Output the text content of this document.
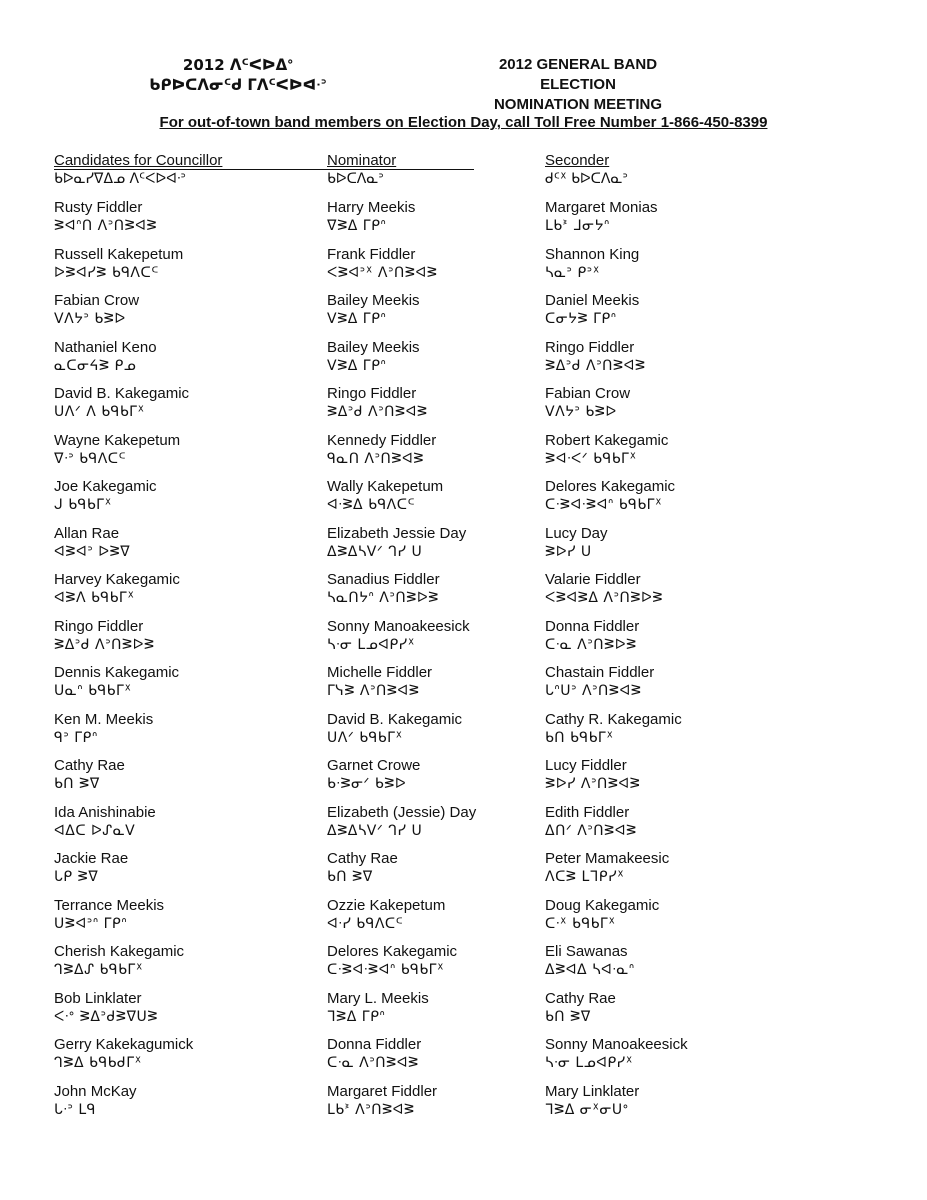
2012 ᐱᑦᐸᐅᐃᐤ
ᑲᑭᐅᑕᐱᓂᑦᑯ ᒥᐱᑦᐸᐅᐊᐧᐣ
2012 GENERAL BAND ELECTION
NOMINATION MEETING
For out-of-town band members on Election Day, call Toll Free Number 1-866-450-8399
Candidates for Councillor
ᑲᐅᓇᓯᐁᐃᓄ ᐱᑦᐸᐅᐊᐧᐣ
Nominator
ᑲᐅᑕᐱᓇᐣ
Seconder
ᑯᑦᕽ ᑲᐅᑕᐱᓇᐣ
Rusty Fiddler
ᕒᐊᐢᑎ ᐱᐣᑎᕒᐊᕒ
Harry Meekis
ᐁᕒᐃ ᒥᑭᐢ
Margaret Monias
ᒪᑲᕑ ᒧᓂᔭᐢ
Russell Kakepetum
ᐅᕒᐊᓯᕒ ᑲᑫᐱᑕᒼ
Frank Fiddler
ᐸᕒᐊᐣᕽ ᐱᐣᑎᕒᐊᕒ
Shannon King
ᓴᓇᐣ ᑭᐣᕽ
Fabian Crow
ᐯᐱᔭᐣ ᑲᕒᐅ
Bailey Meekis
ᐯᕒᐃ ᒥᑭᐢ
Daniel Meekis
ᑕᓂᔭᕒ ᒥᑭᐢ
Nathaniel Keno
ᓇᑕᓂᔦᕒ ᑭᓄ
Bailey Meekis
ᐯᕒᐃ ᒥᑭᐢ
Ringo Fiddler
ᕒᐃᐣᑯ ᐱᐣᑎᕒᐊᕒ
David B. Kakegamic
ᑌᐱᐟ ᐱ ᑲᑫᑲᒥᕽ
Ringo Fiddler
ᕒᐃᐣᑯ ᐱᐣᑎᕒᐊᕒ
Fabian Crow
ᐯᐱᔭᐣ ᑲᕒᐅ
Wayne Kakepetum
ᐁᐧᐣ ᑲᑫᐱᑕᒼ
Kennedy Fiddler
ᑫᓇᑎ ᐱᐣᑎᕒᐊᕒ
Robert Kakegamic
ᕒᐊᐧᐸᐟ ᑲᑫᑲᒥᕽ
Joe Kakegamic
ᒍ ᑲᑫᑲᒥᕽ
Wally Kakepetum
ᐊᐧᕒᐃ ᑲᑫᐱᑕᒼ
Delores Kakegamic
ᑕᐧᕒᐊᐧᕒᐊᐢ ᑲᑫᑲᒥᕽ
Allan Rae
ᐊᕒᐊᐣ ᐅᕒᐁ
Elizabeth Jessie Day
ᐃᕒᐃᓴᐯᐟ ᒉᓯ ᑌ
Lucy Day
ᕒᐅᓯ ᑌ
Harvey Kakegamic
ᐊᕒᐱ ᑲᑫᑲᒥᕽ
Sanadius Fiddler
ᓴᓇᑎᔭᐢ ᐱᐣᑎᕒᐅᕒ
Valarie Fiddler
ᐸᕒᐊᕒᐃ ᐱᐣᑎᕒᐅᕒ
Ringo Fiddler
ᕒᐃᐣᑯ ᐱᐣᑎᕒᐅᕒ
Sonny Manoakeesick
ᓴᐧᓂ ᒪᓄᐊᑭᓯᕽ
Donna Fiddler
ᑕᐧᓇ ᐱᐣᑎᕒᐅᕒ
Dennis Kakegamic
ᑌᓇᐢ ᑲᑫᑲᒥᕽ
Michelle Fiddler
ᒥᓭᕒ ᐱᐣᑎᕒᐊᕒ
Chastain Fiddler
ᒐᐢᑌᐣ ᐱᐣᑎᕒᐊᕒ
Ken M. Meekis
ᑫᐣ ᒥᑭᐢ
David B. Kakegamic
ᑌᐱᐟ ᑲᑫᑲᒥᕽ
Cathy R. Kakegamic
ᑲᑎ ᑲᑫᑲᒥᕽ
Cathy Rae
ᑲᑎ ᕒᐁ
Garnet Crowe
ᑲᐧᕒᓂᐟ ᑲᕒᐅ
Lucy Fiddler
ᕒᐅᓯ ᐱᐣᑎᕒᐊᕒ
Ida Anishinabie
ᐊᐃᑕ ᐅᔑᓇᐯ
Elizabeth (Jessie) Day
ᐃᕒᐃᓴᐯᐟ ᒉᓯ ᑌ
Edith Fiddler
ᐃᑎᐟ ᐱᐣᑎᕒᐊᕒ
Jackie Rae
ᒐᑭ ᕒᐁ
Cathy Rae
ᑲᑎ ᕒᐁ
Peter Mamakeesic
ᐱᑕᕒ ᒪᒣᑭᓯᕽ
Terrance Meekis
ᑌᕒᐊᐣᐢ ᒥᑭᐢ
Ozzie Kakepetum
ᐊᐧᓯ ᑲᑫᐱᑕᒼ
Doug Kakegamic
ᑕᐧᕽ ᑲᑫᑲᒥᕽ
Cherish Kakegamic
ᒉᕒᐃᔑ ᑲᑫᑲᒥᕽ
Delores Kakegamic
ᑕᐧᕒᐊᐧᕒᐊᐢ ᑲᑫᑲᒥᕽ
Eli Sawanas
ᐃᕒᐊᐃ ᓴᐊᐧᓇᐢ
Bob Linklater
ᐸᐧᐤ ᕒᐃᐣᑯᕒᐁᑌᕒ
Mary L. Meekis
ᒣᕒᐃ ᒥᑭᐢ
Cathy Rae
ᑲᑎ ᕒᐁ
Gerry Kakekagumick
ᒉᕒᐃ ᑲᑫᑲᑯᒥᕽ
Donna Fiddler
ᑕᐧᓇ ᐱᐣᑎᕒᐊᕒ
Sonny Manoakeesick
ᓴᐧᓂ ᒪᓄᐊᑭᓯᕽ
John McKay
ᒐᐧᐣ ᒪᑫ
Margaret Fiddler
ᒪᑲᕑ ᐱᐣᑎᕒᐊᕒ
Mary Linklater
ᒣᕒᐃ ᓂᕽᓂᑌᐤ
